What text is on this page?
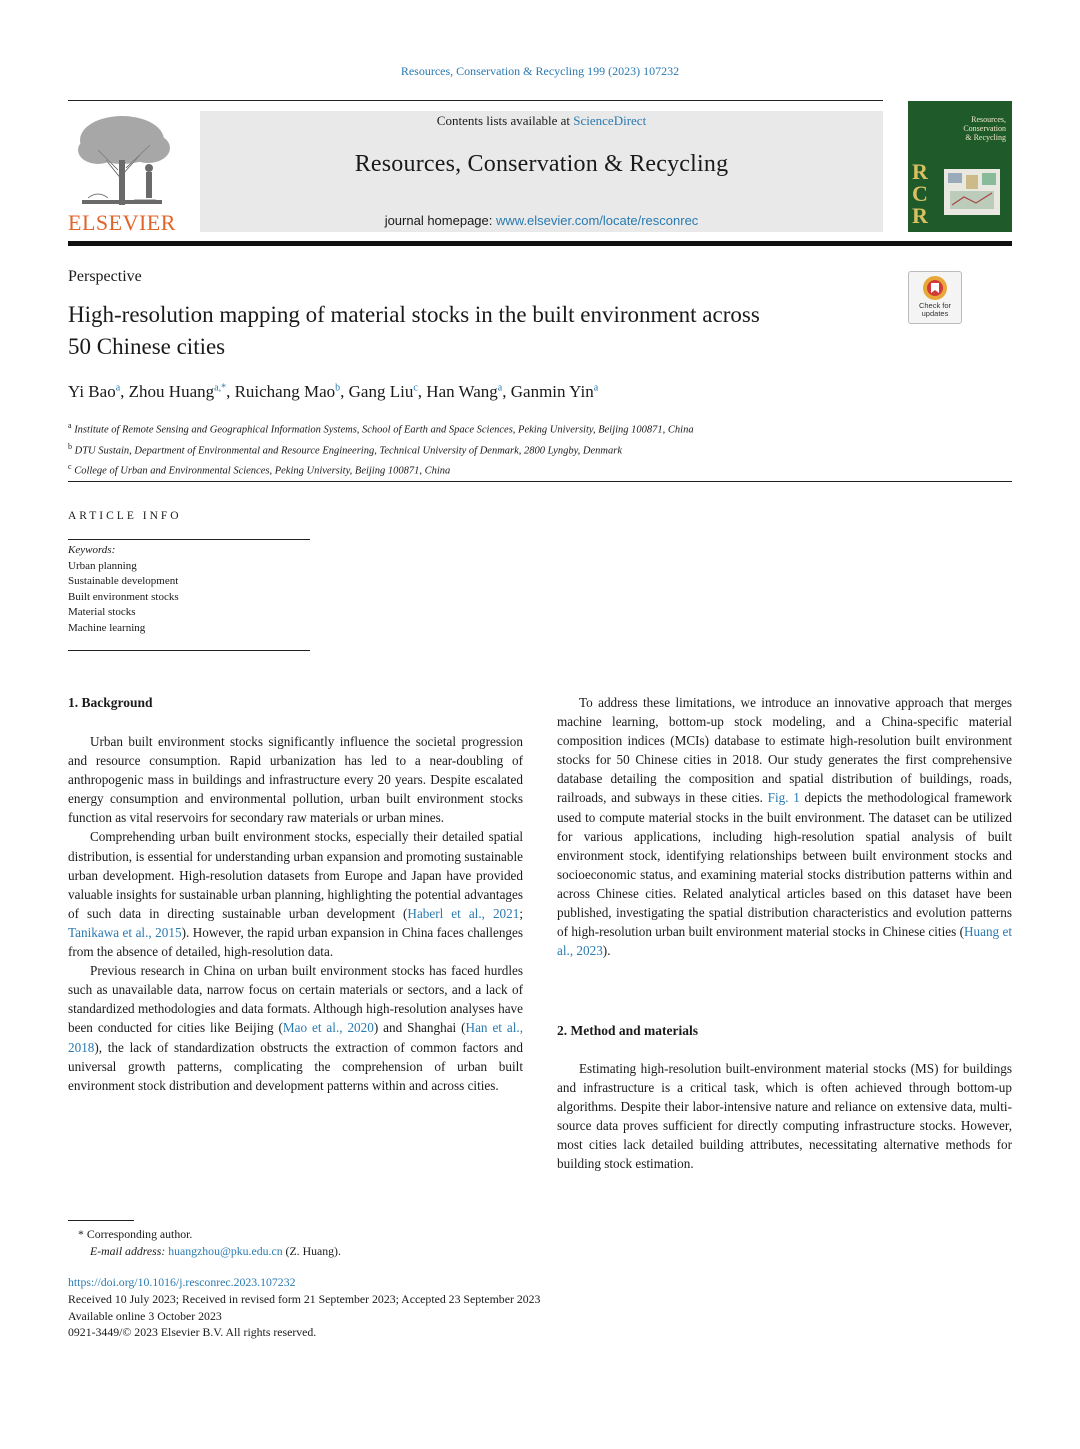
Resources, Conservation & Recycling 199 (2023) 107232
ELSEVIER
Contents lists available at ScienceDirect
Resources, Conservation & Recycling
journal homepage: www.elsevier.com/locate/resconrec
Resources,
Conservation
& Recycling
RCR
Perspective
Check for
updates
High-resolution mapping of material stocks in the built environment across
50 Chinese cities
Yi Bao$^a$, Zhou Huang$^{a,*}$, Ruichang Mao$^b$, Gang Liu$^c$, Han Wang$^a$, Ganmin Yin$^a$
$^a$ Institute of Remote Sensing and Geographical Information Systems, School of Earth and Space Sciences, Peking University, Beijing 100871, China
$^b$ DTU Sustain, Department of Environmental and Resource Engineering, Technical University of Denmark, 2800 Lyngby, Denmark
$^c$ College of Urban and Environmental Sciences, Peking University, Beijing 100871, China
ARTICLE INFO
Keywords:
Urban planning
Sustainable development
Built environment stocks
Material stocks
Machine learning
1. Background

Urban built environment stocks significantly influence the societal progression and resource consumption. Rapid urbanization has led to a near-doubling of anthropogenic mass in buildings and infrastructure every 20 years. Despite escalated energy consumption and environmental pollution, urban built environment stocks function as vital reservoirs for secondary raw materials or urban mines.

Comprehending urban built environment stocks, especially their detailed spatial distribution, is essential for understanding urban expansion and promoting sustainable urban development. High-resolution datasets from Europe and Japan have provided valuable insights for sustainable urban planning, highlighting the potential advantages of such data in directing sustainable urban development (Haberl et al., 2021; Tanikawa et al., 2015). However, the rapid urban expansion in China faces challenges from the absence of detailed, high-resolution data.

Previous research in China on urban built environment stocks has faced hurdles such as unavailable data, narrow focus on certain materials or sectors, and a lack of standardized methodologies and data formats. Although high-resolution analyses have been conducted for cities like Beijing (Mao et al., 2020) and Shanghai (Han et al., 2018), the lack of standardization obstructs the extraction of common factors and universal growth patterns, complicating the comprehension of urban built environment stock distribution and development patterns within and across cities.

To address these limitations, we introduce an innovative approach that merges machine learning, bottom-up stock modeling, and a China-specific material composition indices (MCIs) database to estimate high-resolution built environment stocks for 50 Chinese cities in 2018. Our study generates the first comprehensive database detailing the composition and spatial distribution of buildings, roads, railroads, and subways in these cities. Fig. 1 depicts the methodological framework used to compute material stocks in the built environment. The dataset can be utilized for various applications, including high-resolution spatial analysis of built environment stock, identifying relationships between built environment stocks and socioeconomic status, and examining material stocks distribution patterns within and across Chinese cities. Related analytical articles based on this dataset have been published, investigating the spatial distribution characteristics and evolution patterns of high-resolution urban built environment material stocks in Chinese cities (Huang et al., 2023).

2. Method and materials

Estimating high-resolution built-environment material stocks (MS) for buildings and infrastructure is a critical task, which is often achieved through bottom-up algorithms. Despite their labor-intensive nature and reliance on extensive data, multi-source data proves sufficient for directly computing infrastructure stocks. However, most cities lack detailed building attributes, necessitating alternative methods for building stock estimation.

* Corresponding author.
E-mail address: huangzhou@pku.edu.cn (Z. Huang).
https://doi.org/10.1016/j.resconrec.2023.107232
Received 10 July 2023; Received in revised form 21 September 2023; Accepted 23 September 2023
Available online 3 October 2023
0921-3449/© 2023 Elsevier B.V. All rights reserved.
